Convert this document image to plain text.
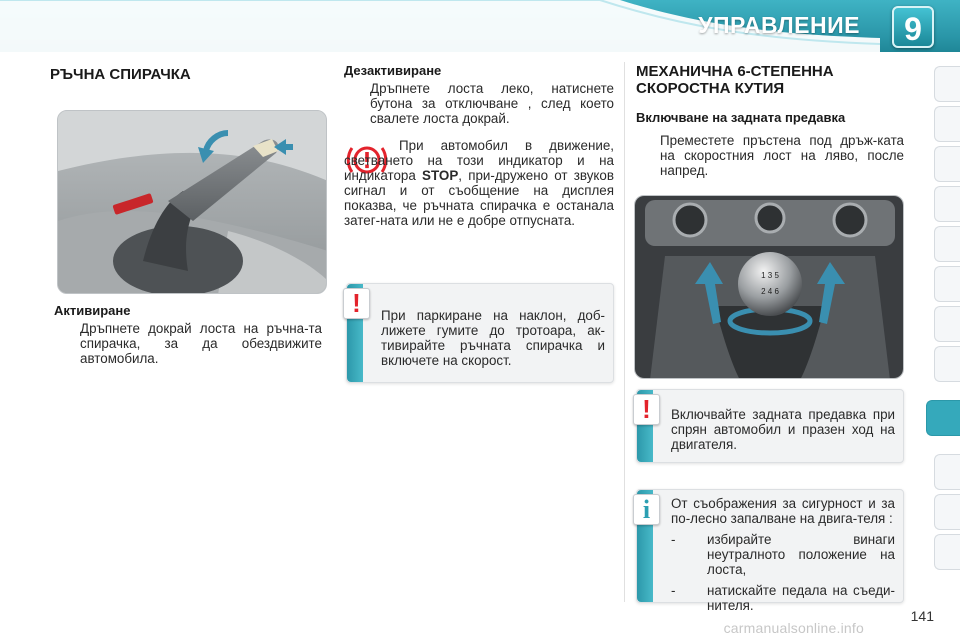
УПРАВЛЕНИЕ	9
РЪЧНА СПИРАЧКА
Активиране
Дръпнете докрай лоста на ръчна-та спирачка, за да обездвижите автомобила.
Дезактивиране
Дръпнете лоста леко, натиснете бутона за отключване , след което свалете лоста докрай.
При автомобил в движение, светването на този индикатор и на индикатора STOP, при-дружено от звуков сигнал и от съобщение на дисплея показва, че ръчната спирачка е останала затег-ната или не е добре отпусната.
!	При паркиране на наклон, доб-лижете гумите до тротоара, ак-тивирайте ръчната спирачка и включете на скорост.
МЕХАНИЧНА 6-СТЕПЕННА СКОРОСТНА КУТИЯ
Включване на задната предавка
Преместете пръстена под дръж-ката на скоростния лост на ляво, после напред.
1 3 5
2 4 6
!	Включвайте задната предавка при спрян автомобил и празен ход на двигателя.
i	От съображения за сигурност и за по-лесно запалване на двига-теля :
- избирайте винаги неутралното положение на лоста,
- натискайте педала на съеди-нителя.
141
carmanualsonline.info
